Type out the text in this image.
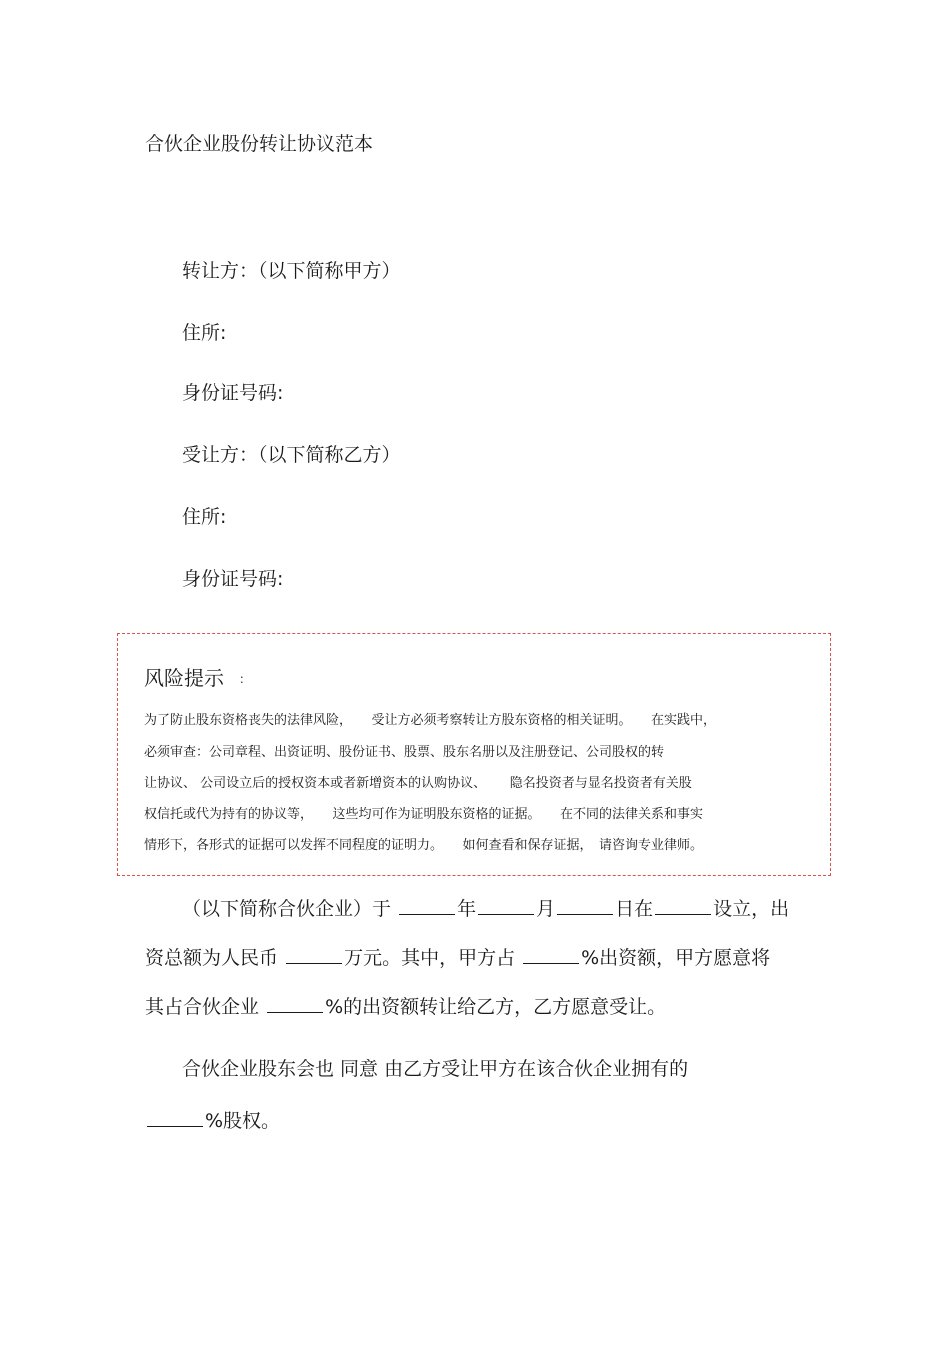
合伙企业股份转让协议范本
转让方：（以下简称甲方）
住所:
身份证号码:
受让方：（以下简称乙方）
住所:
身份证号码:
风险提示 ：
为了防止股东资格丧失的法律风险，　　受让方必须考察转让方股东资格的相关证明。　　在实践中，
必须审查：公司章程、出资证明、股份证书、股票、股东名册以及注册登记、公司股权的转
让协议、 公司设立后的授权资本或者新增资本的认购协议、　　 隐名投资者与显名投资者有关股
权信托或代为持有的协议等，　　这些均可作为证明股东资格的证据。　　在不同的法律关系和事实
情形下，各形式的证据可以发挥不同程度的证明力。　　如何查看和保存证据，　请咨询专业律师。
（以下简称合伙企业）于	年	月	日在	设立，出
资总额为人民币	万元。其中，甲方占	%出资额，甲方愿意将
其占合伙企业	%的出资额转让给乙方，乙方愿意受让。
合伙企业股东会也 同意 由乙方受让甲方在该合伙企业拥有的
%股权。
